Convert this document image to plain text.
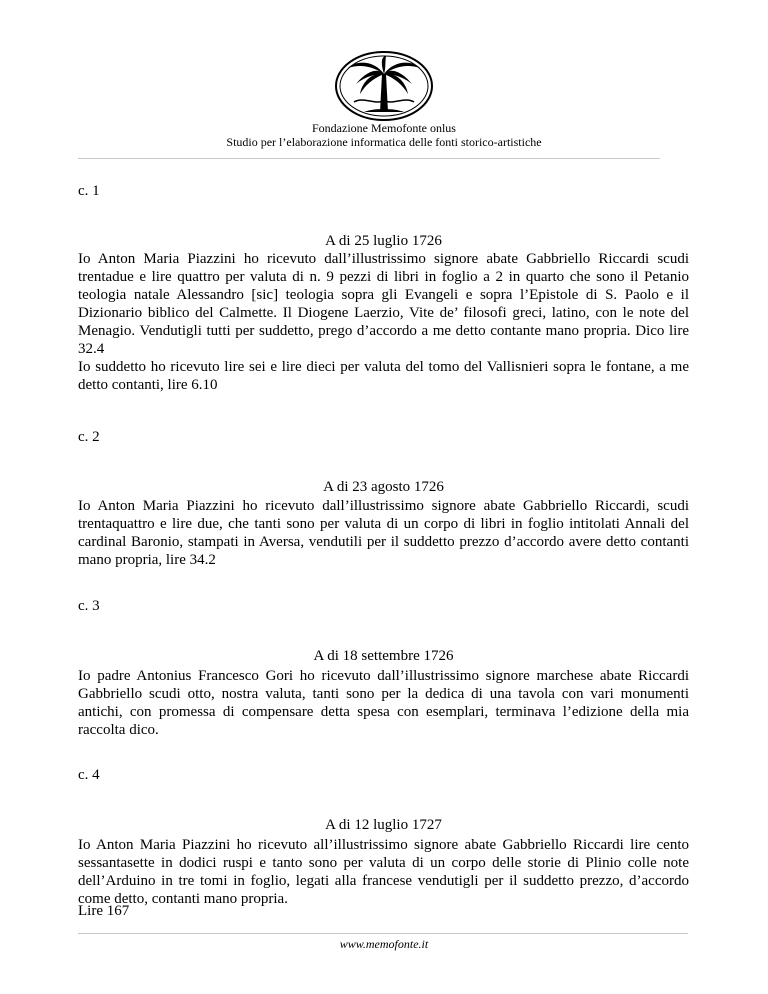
Fondazione Memofonte onlus
Studio per l’elaborazione informatica delle fonti storico-artistiche
c. 1
A di 25 luglio 1726

Io Anton Maria Piazzini ho ricevuto dall’illustrissimo signore abate Gabbriello Riccardi scudi trentadue e lire quattro per valuta di n. 9 pezzi di libri in foglio a 2 in quarto che sono il Petanio teologia natale Alessandro [sic] teologia sopra gli Evangeli e sopra l’Epistole di S. Paolo e il Dizionario biblico del Calmette. Il Diogene Laerzio, Vite de’ filosofi greci, latino, con le note del Menagio. Vendutigli tutti per suddetto, prego d’accordo a me detto contante mano propria. Dico lire 32.4

Io suddetto ho ricevuto lire sei e lire dieci per valuta del tomo del Vallisnieri sopra le fontane, a me detto contanti, lire 6.10

c. 2
A di 23 agosto 1726

Io Anton Maria Piazzini ho ricevuto dall’illustrissimo signore abate Gabbriello Riccardi, scudi trentaquattro e lire due, che tanti sono per valuta di un corpo di libri in foglio intitolati Annali del cardinal Baronio, stampati in Aversa, vendutili per il suddetto prezzo d’accordo avere detto contanti mano propria, lire 34.2

c. 3
A di 18 settembre 1726

Io padre Antonius Francesco Gori ho ricevuto dall’illustrissimo signore marchese abate Riccardi Gabbriello scudi otto, nostra valuta, tanti sono per la dedica di una tavola con vari monumenti antichi, con promessa di compensare detta spesa con esemplari, terminava l’edizione della mia raccolta dico.

c. 4
A di 12 luglio 1727

Io Anton Maria Piazzini ho ricevuto all’illustrissimo signore abate Gabbriello Riccardi lire cento sessantasette in dodici ruspi e tanto sono per valuta di un corpo delle storie di Plinio colle note dell’Arduino in tre tomi in foglio, legati alla francese vendutigli per il suddetto prezzo, d’accordo come detto, contanti mano propria.

Lire 167

www.memofonte.it
